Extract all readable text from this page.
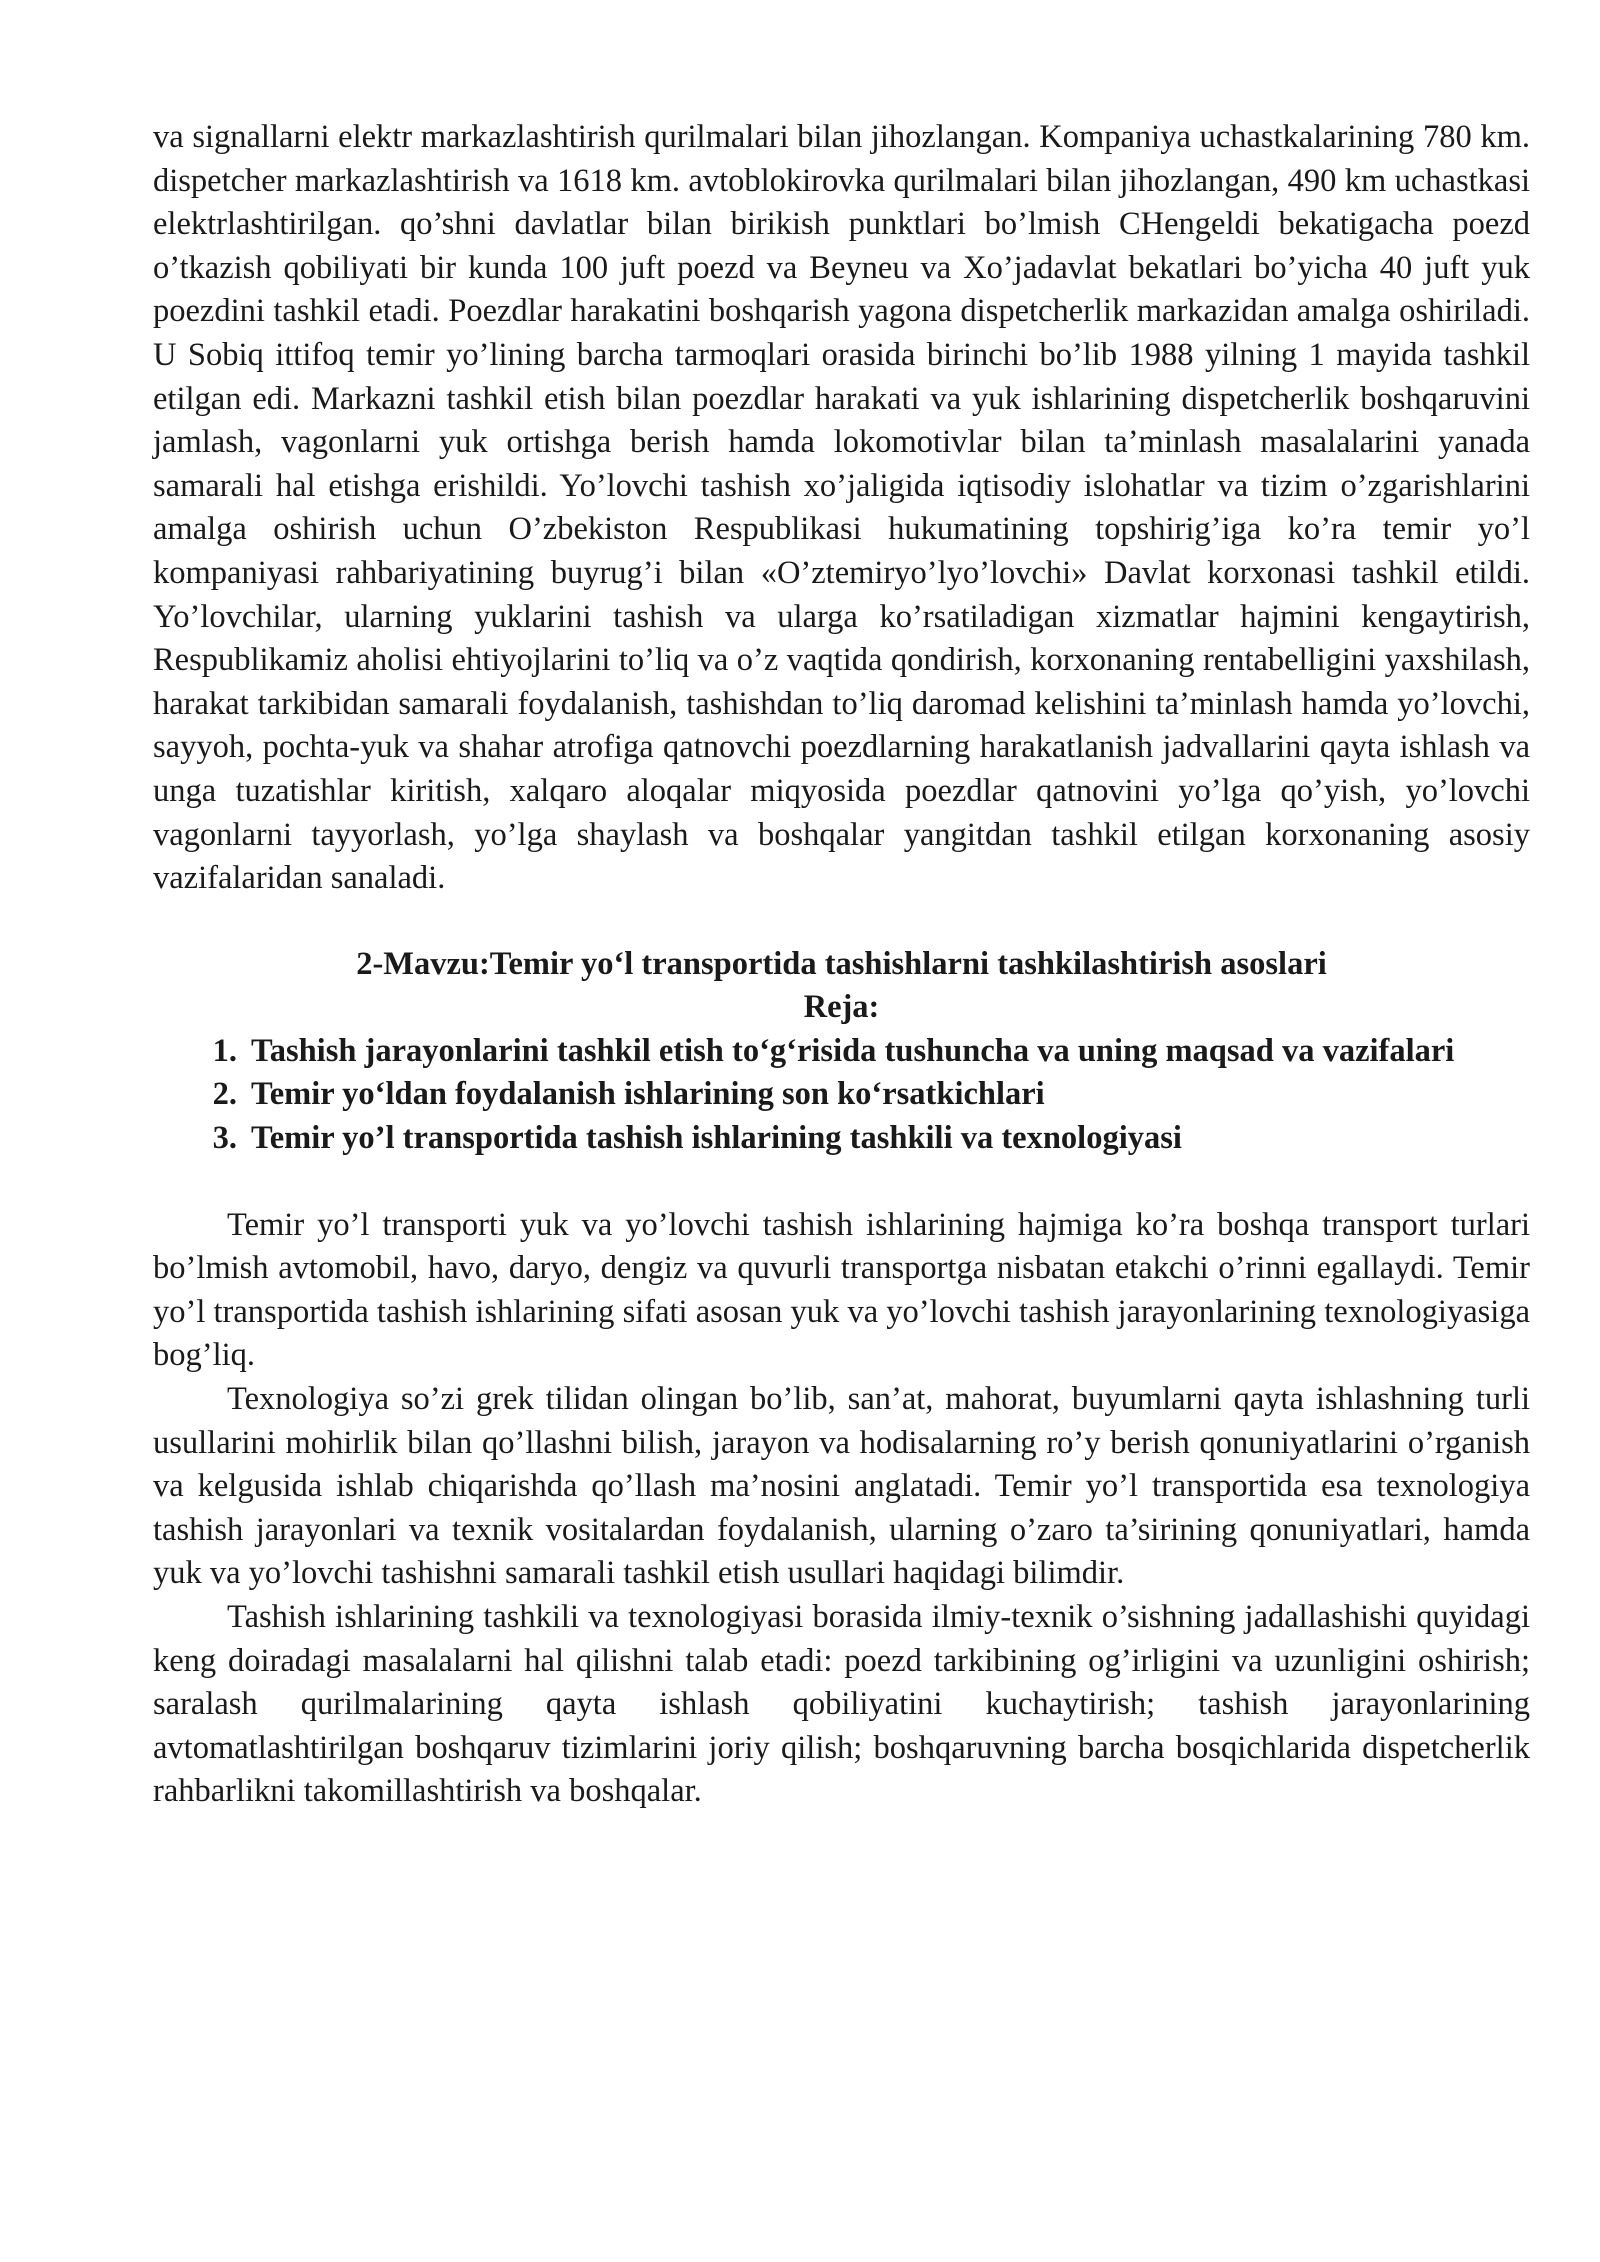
va signallarni elektr markazlashtirish qurilmalari bilan jihozlangan. Kompaniya uchastkalarining 780 km. dispetcher markazlashtirish va 1618 km. avtoblokirovka qurilmalari bilan jihozlangan, 490 km uchastkasi elektrlashtirilgan. qo’shni davlatlar bilan birikish punktlari bo’lmish CHengeldi bekatigacha poezd o’tkazish qobiliyati bir kunda 100 juft poezd va Beyneu va Xo’jadavlat bekatlari bo’yicha 40 juft yuk poezdini tashkil etadi. Poezdlar harakatini boshqarish yagona dispetcherlik markazidan amalga oshiriladi. U Sobiq ittifoq temir yo’lining barcha tarmoqlari orasida birinchi bo’lib 1988 yilning 1 mayida tashkil etilgan edi. Markazni tashkil etish bilan poezdlar harakati va yuk ishlarining dispetcherlik boshqaruvini jamlash, vagonlarni yuk ortishga berish hamda lokomotivlar bilan ta’minlash masalalarini yanada samarali hal etishga erishildi. Yo’lovchi tashish xo’jaligida iqtisodiy islohatlar va tizim o’zgarishlarini amalga oshirish uchun O’zbekiston Respublikasi hukumatining topshirig’iga ko’ra temir yo’l kompaniyasi rahbariyatining buyrug’i bilan «O’ztemiryo’lyo’lovchi» Davlat korxonasi tashkil etildi. Yo’lovchilar, ularning yuklarini tashish va ularga ko’rsatiladigan xizmatlar hajmini kengaytirish, Respublikamiz aholisi ehtiyojlarini to’liq va o’z vaqtida qondirish, korxonaning rentabelligini yaxshilash, harakat tarkibidan samarali foydalanish, tashishdan to’liq daromad kelishini ta’minlash hamda yo’lovchi, sayyoh, pochta-yuk va shahar atrofiga qatnovchi poezdlarning harakatlanish jadvallarini qayta ishlash va unga tuzatishlar kiritish, xalqaro aloqalar miqyosida poezdlar qatnovini yo’lga qo’yish, yo’lovchi vagonlarni tayyorlash, yo’lga shaylash va boshqalar yangitdan tashkil etilgan korxonaning asosiy vazifalaridan sanaladi.

2-Mavzu:Temir yo‘l transportida tashishlarni tashkilashtirish asoslari
Reja:
1. Tashish jarayonlarini tashkil etish to‘g‘risida tushuncha va uning maqsad va vazifalari
2. Temir yo‘ldan foydalanish ishlarining son ko‘rsatkichlari
3. Temir yo’l transportida tashish ishlarining tashkili va texnologiyasi

Temir yo’l transporti yuk va yo’lovchi tashish ishlarining hajmiga ko’ra boshqa transport turlari bo’lmish avtomobil, havo, daryo, dengiz va quvurli transportga nisbatan etakchi o’rinni egallaydi. Temir yo’l transportida tashish ishlarining sifati asosan yuk va yo’lovchi tashish jarayonlarining texnologiyasiga bog’liq.

Texnologiya so’zi grek tilidan olingan bo’lib, san’at, mahorat, buyumlarni qayta ishlashning turli usullarini mohirlik bilan qo’llashni bilish, jarayon va hodisalarning ro’y berish qonuniyatlarini o’rganish va kelgusida ishlab chiqarishda qo’llash ma’nosini anglatadi. Temir yo’l transportida esa texnologiya tashish jarayonlari va texnik vositalardan foydalanish, ularning o’zaro ta’sirining qonuniyatlari, hamda yuk va yo’lovchi tashishni samarali tashkil etish usullari haqidagi bilimdir.

Tashish ishlarining tashkili va texnologiyasi borasida ilmiy-texnik o’sishning jadallashishi quyidagi keng doiradagi masalalarni hal qilishni talab etadi: poezd tarkibining og’irligini va uzunligini oshirish; saralash qurilmalarining qayta ishlash qobiliyatini kuchaytirish; tashish jarayonlarining avtomatlashtirilgan boshqaruv tizimlarini joriy qilish; boshqaruvning barcha bosqichlarida dispetcherlik rahbarlikni takomillashtirish va boshqalar.
